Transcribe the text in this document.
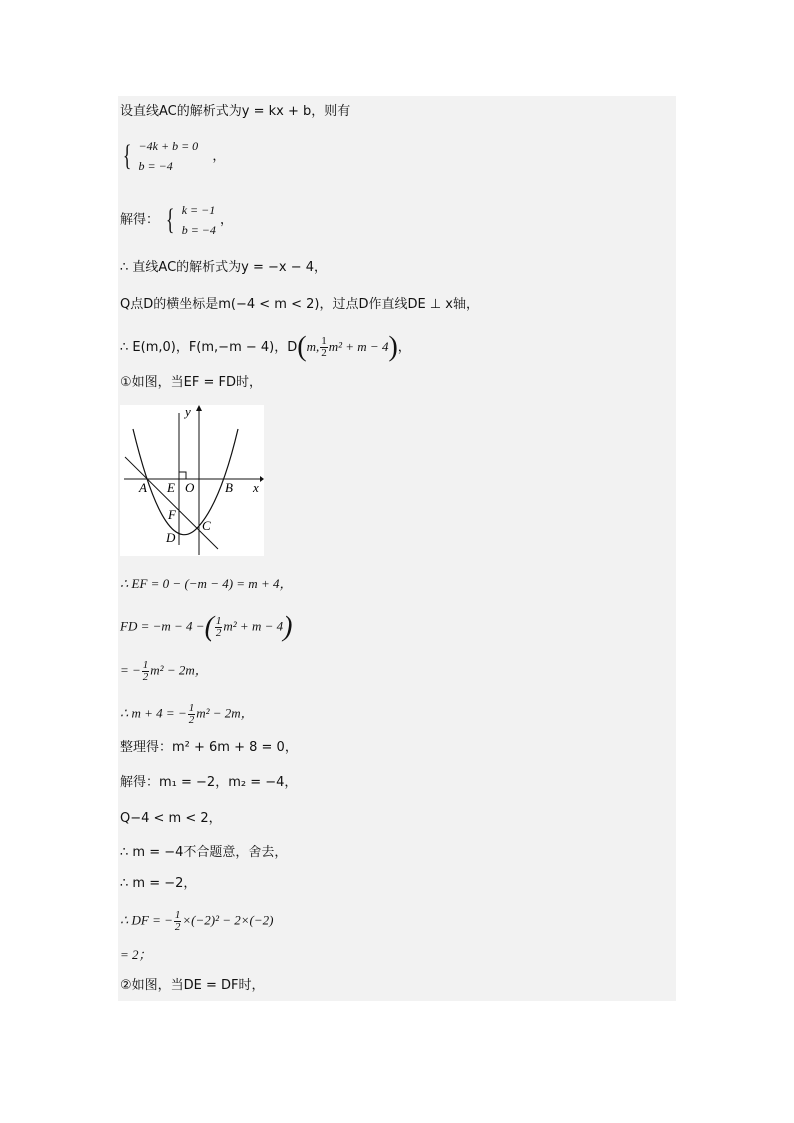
设直线AC的解析式为y = kx + b，则有
{ −4k + b = 0
b = −4
，
解得： { k = −1
b = −4
，
∴ 直线AC的解析式为y = −x − 4，
Q点D的横坐标是m(−4 < m < 2)，过点D作直线DE ⊥ x轴，
∴ E(m,0)，F(m,−m − 4)，D(m, $\frac{1}{2} m^2 + m - 4$)，
①如图，当EF = FD时，
y
x
A E O B
F
C
D
∴ EF = 0 − (−m − 4) = m + 4，
FD = −m − 4 −( $\frac{1}{2} m^2 + m - 4$)
= − $\frac{1}{2} m^2 - 2m$，
∴ m + 4 = − $\frac{1}{2} m^2 - 2m$，
整理得：m² + 6m + 8 = 0，
解得：m₁ = −2，m₂ = −4，
Q−4 < m < 2，
∴ m = −4不合题意，舍去，
∴ m = −2，
∴ DF = − $\frac{1}{2} \times(-2)^2 - 2\times(-2)$
= 2；
②如图，当DE = DF时，
